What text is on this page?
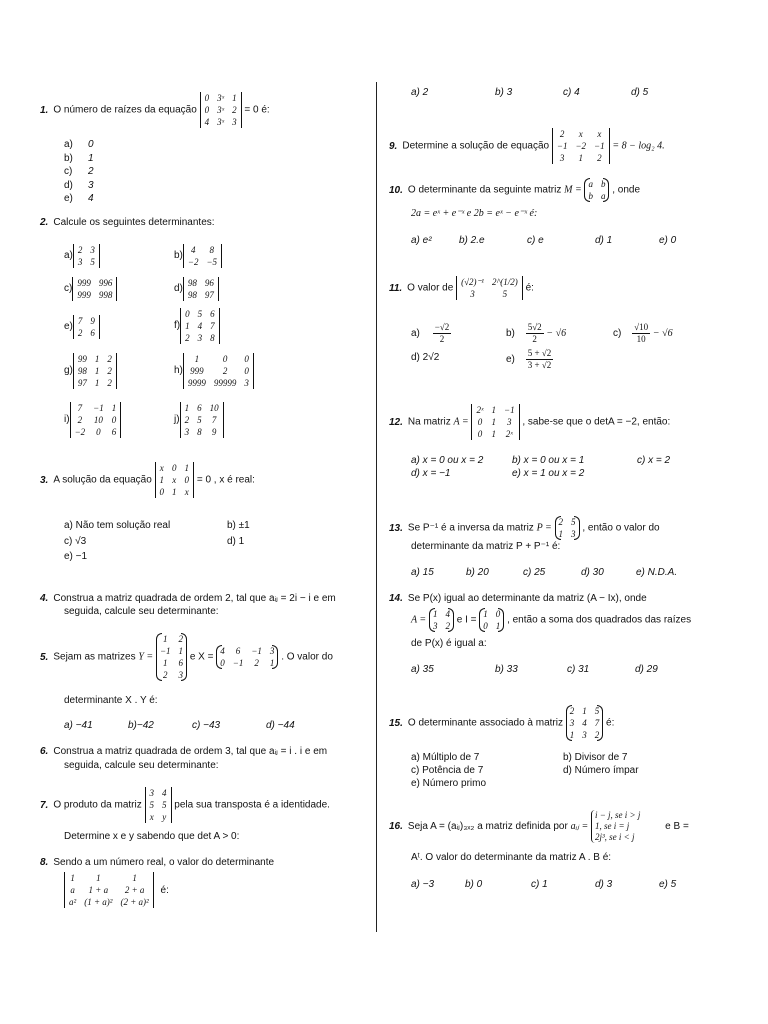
1. O número de raízes da equação
0	3ˣ	1
0	3ˣ	2
4	3ˣ	3
= 0 é:
a) 0
b) 1
c) 2
d) 3
e) 4
2. Calcule os seguintes determinantes:
a) 2	3
3	5
b) 4	8
−2	−5
c) 999	996
999	998
d) 98	96
98	97
e) 7	9
2	6
f)
0	5	6
1	4	7
2	3	8
g)
99	1	2
98	1	2
97	1	2
h)
1	0	0
999	2	0
9999	99999	3
i)
7	−1	1
2	10	0
−2	0	6
j)
1	6	10
2	5	7
3	8	9
3. A solução da equação
x	0	1
1	x	0
0	1	x
= 0 , x é real:
a) Não tem solução real	b) ±1
c) √3	d) 1
e) −1
4. Construa a matriz quadrada de ordem 2, tal que aᵢⱼ = 2i − i e em
seguida, calcule seu determinante:
5. Sejam as matrizes Y =
1	2
−1	1
1	6
2	3

e X =
4	6	−1	3
0	−1	2	1

. O valor do
determinante X . Y é:
a) −41	b)−42	c) −43	d) −44
6. Construa a matriz quadrada de ordem 3, tal que aᵢⱼ = i . i e em
seguida, calcule seu determinante:
7. O produto da matriz
3	4
5	5
x	y
pela sua transposta é a identidade.
Determine x e y sabendo que det A > 0:
8. Sendo a um número real, o valor do determinante
1	1	1
a	1 + a	2 + a
a²	(1 + a)²	(2 + a)²
é:
a) 2	b) 3	c) 4	d) 5
9. Determine a solução de equação
2	x	x
−1	−2	−1
3	1	2
= 8 − log₂ 4.
10. O determinante da seguinte matriz M =
a	b
b	a

, onde
2a = eˣ + e⁻ˣ e 2b = eˣ − e⁻ˣ é:
a) e²	b) 2.e	c) e	d) 1	e) 0
11. O valor de
(√2)⁻¹	2^(1/2)
3	5
é:
$a) \frac{-√2}{2}$	$b) \frac{5√2}{2} - √6$	$c) \frac{√10}{10} - √6$
d) 2√2	$e) \frac{5 + √2}{3 + √2}$
12. Na matriz A =
2ˣ	1	−1
0	1	3
0	1	2ˣ
, sabe-se que o detA = −2, então:
a) x = 0 ou x = 2	b) x = 0 ou x = 1	c) x = 2
d) x = −1	e) x = 1 ou x = 2
13. Se P⁻¹ é a inversa da matriz P =
2	5
1	3

, então o valor do
determinante da matriz P + P⁻¹ é:
a) 15	b) 20	c) 25	d) 30	e) N.D.A.
14. Se P(x) igual ao determinante da matriz (A − Ix), onde
A =
1	4
3	2

e I =
1	0
0	1

, então a soma dos quadrados das raízes
de P(x) é igual a:
a) 35	b) 33	c) 31	d) 29
15. O determinante associado à matriz
2	1	5
3	4	7
1	3	2

é:
a) Múltiplo de 7	b) Divisor de 7
c) Potência de 7	d) Número ímpar
e) Número primo
16. Seja A = (aᵢⱼ)₃ₓ₂ a matriz definida por aᵢⱼ =
i − j, se i > j
1, se i = j
2j³, se i < j
e B =
Aᵗ. O valor do determinante da matriz A . B é:
a) −3	b) 0	c) 1	d) 3	e) 5
